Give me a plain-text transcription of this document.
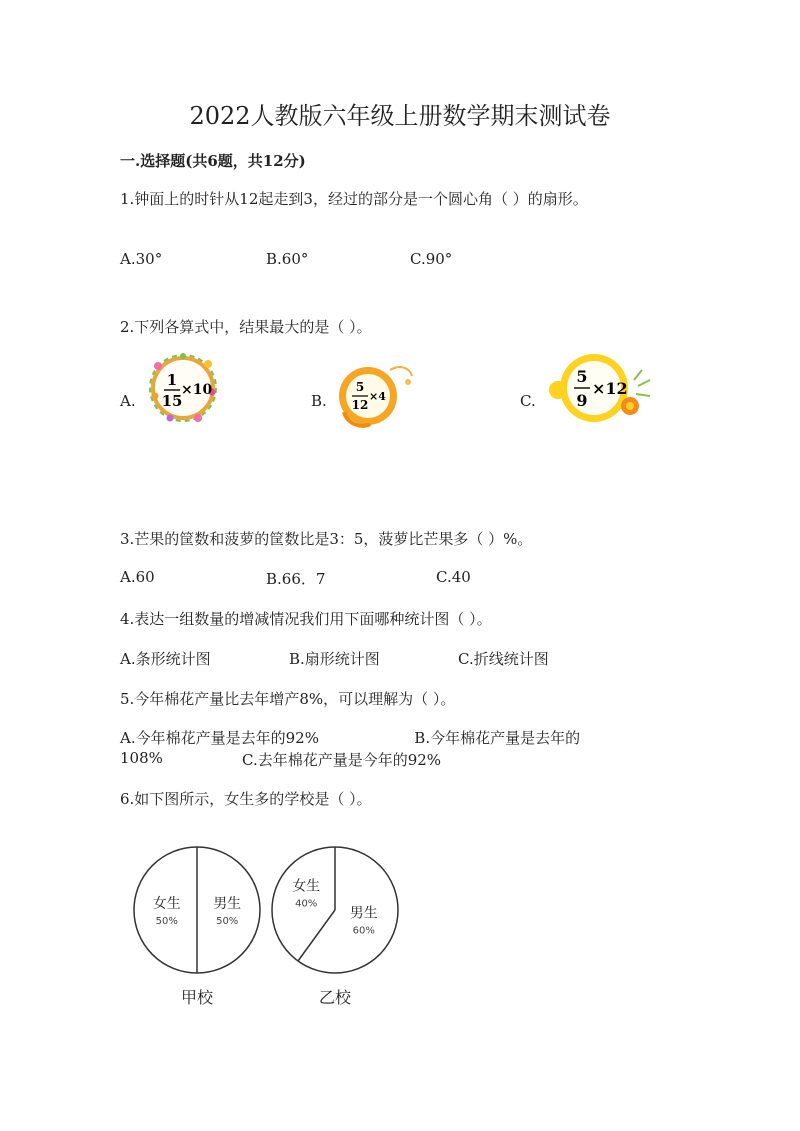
2022人教版六年级上册数学期末测试卷
一.选择题(共6题，共12分)
1.钟面上的时针从12起走到3，经过的部分是一个圆心角（ ）的扇形。
A.30°	B.60°	C.90°
2.下列各算式中，结果最大的是（ ）。
A.	B.	C.
1
15
×10	5
12
×4
5
9
×12
3.芒果的筐数和菠萝的筐数比是3：5，菠萝比芒果多（ ）%。
A.60	B.66．7	C.40
4.表达一组数量的增减情况我们用下面哪种统计图（ ）。
A.条形统计图	B.扇形统计图	C.折线统计图
5.今年棉花产量比去年增产8%，可以理解为（ ）。
A.今年棉花产量是去年的92%                    B.今年棉花产量是去年的
108%	C.去年棉花产量是今年的92%
6.如下图所示，女生多的学校是（ ）。
女生
50%
男生
50%
甲校
女生
40%
男生
60%
乙校
